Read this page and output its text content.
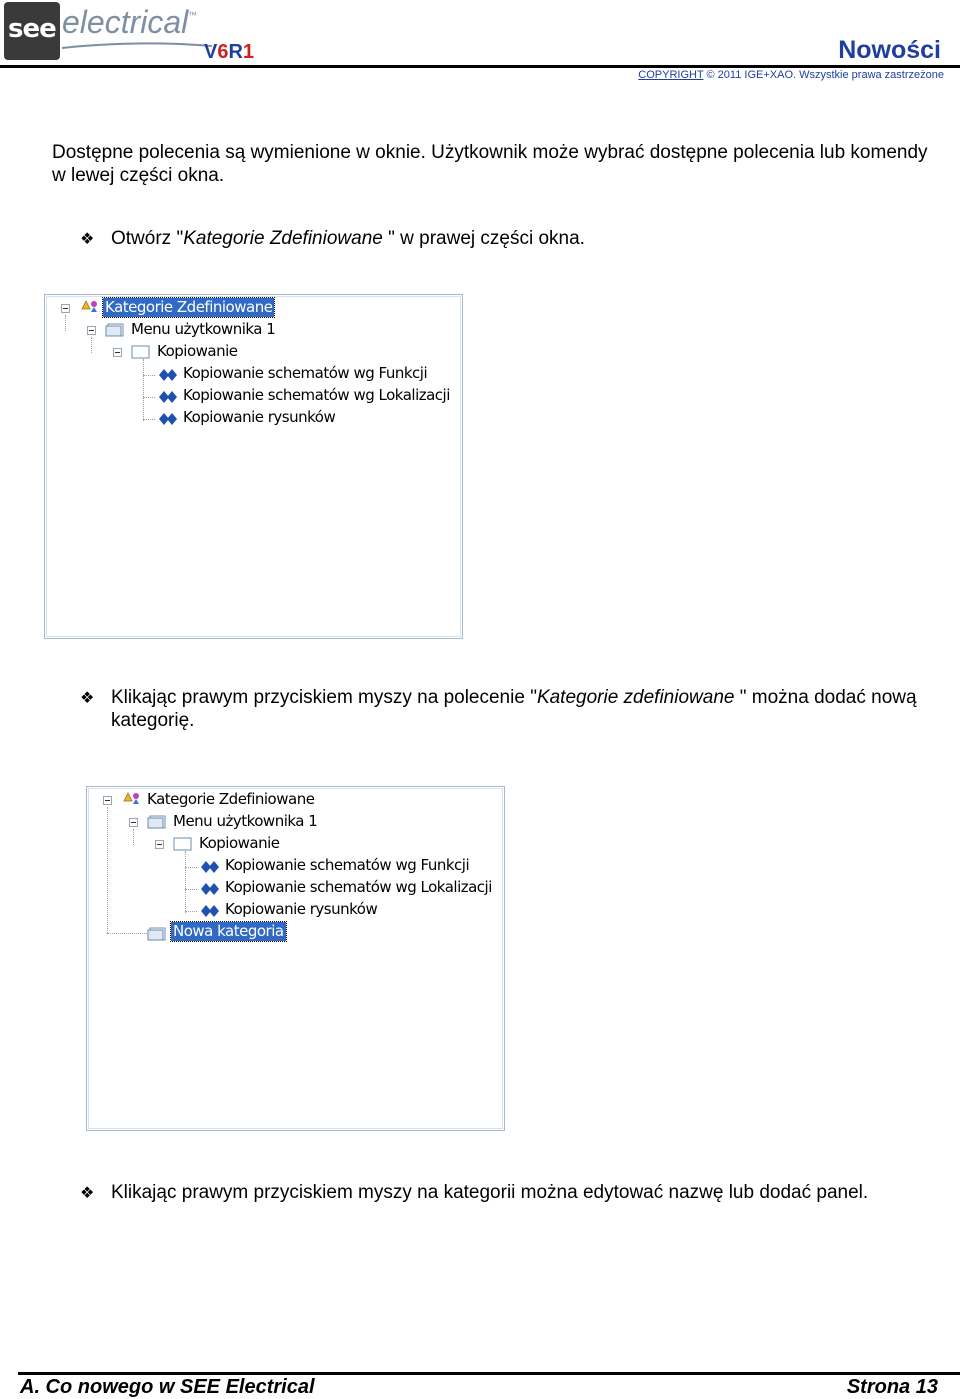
see electrical ™
V6R1	Nowości
COPYRIGHT © 2011 IGE+XAO. Wszystkie prawa zastrzeżone
Dostępne polecenia są wymienione w oknie. Użytkownik może wybrać dostępne polecenia lub komendy w lewej części okna.
❖ Otwórz "Kategorie Zdefiniowane " w prawej części okna.
Kategorie Zdefiniowane
Menu użytkownika 1
Kopiowanie
Kopiowanie schematów wg Funkcji
Kopiowanie schematów wg Lokalizacji
Kopiowanie rysunków
❖ Klikając prawym przyciskiem myszy na polecenie "Kategorie zdefiniowane " można dodać nową kategorię.
Kategorie Zdefiniowane
Menu użytkownika 1
Kopiowanie
Kopiowanie schematów wg Funkcji
Kopiowanie schematów wg Lokalizacji
Kopiowanie rysunków
Nowa kategoria
❖ Klikając prawym przyciskiem myszy na kategorii można edytować nazwę lub dodać panel.
A. Co nowego w SEE Electrical	Strona 13
